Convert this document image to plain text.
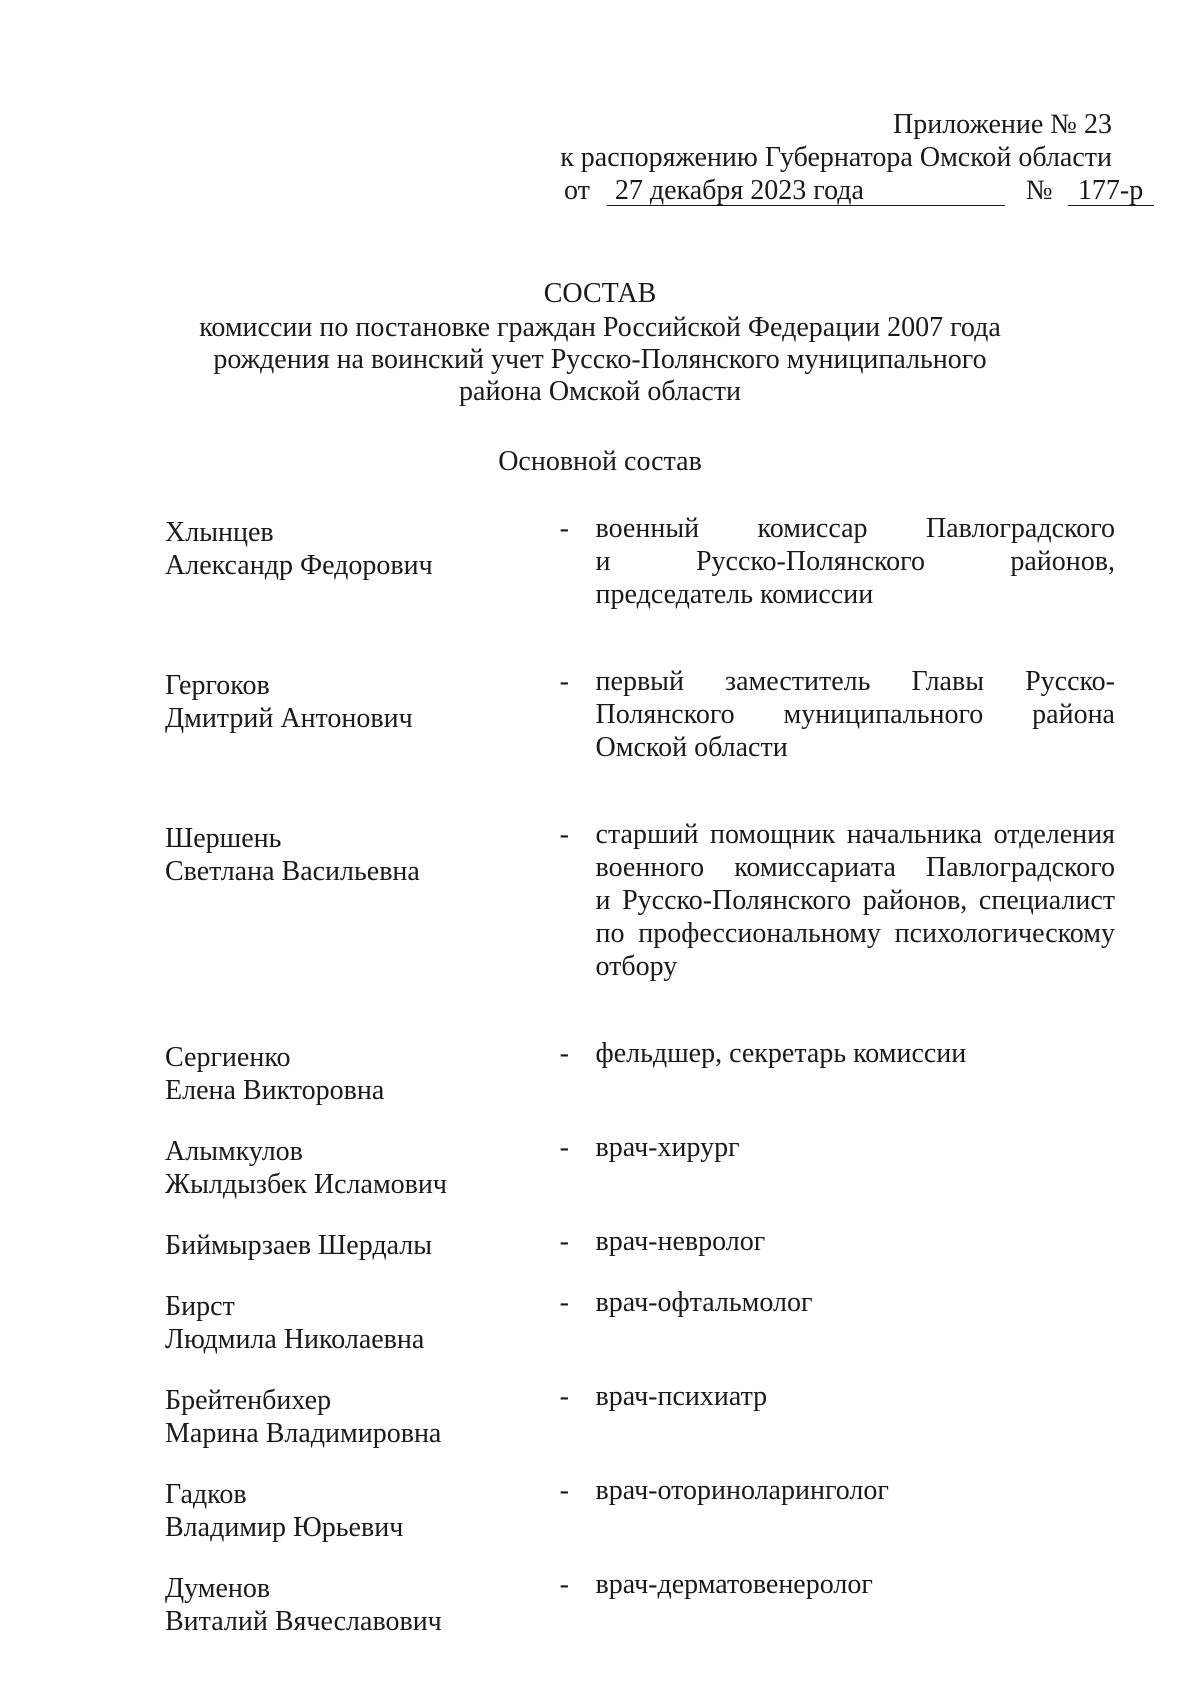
Приложение № 23
к распоряжению Губернатора Омской области
от 27 декабря 2023 года	№ 177-р
СОСТАВ
комиссии по постановке граждан Российской Федерации 2007 года
рождения на воинский учет Русско-Полянского муниципального
района Омской области
Основной состав
Хлынцев
Александр Федорович
- военный комиссар Павлоградского
и Русско-Полянского районов,
председатель комиссии
Гергоков
Дмитрий Антонович
- первый заместитель Главы Русско-
Полянского муниципального района
Омской области
Шершень
Светлана Васильевна
- старший помощник начальника отделения
военного комиссариата Павлоградского
и Русско-Полянского районов, специалист
по профессиональному психологическому
отбору
Сергиенко
Елена Викторовна
- фельдшер, секретарь комиссии
Алымкулов
Жылдызбек Исламович
- врач-хирург
Биймырзаев Шердалы	- врач-невролог
Бирст
Людмила Николаевна
- врач-офтальмолог
Брейтенбихер
Марина Владимировна
- врач-психиатр
Гадков
Владимир Юрьевич
- врач-оториноларинголог
Думенов
Виталий Вячеславович
- врач-дерматовенеролог
